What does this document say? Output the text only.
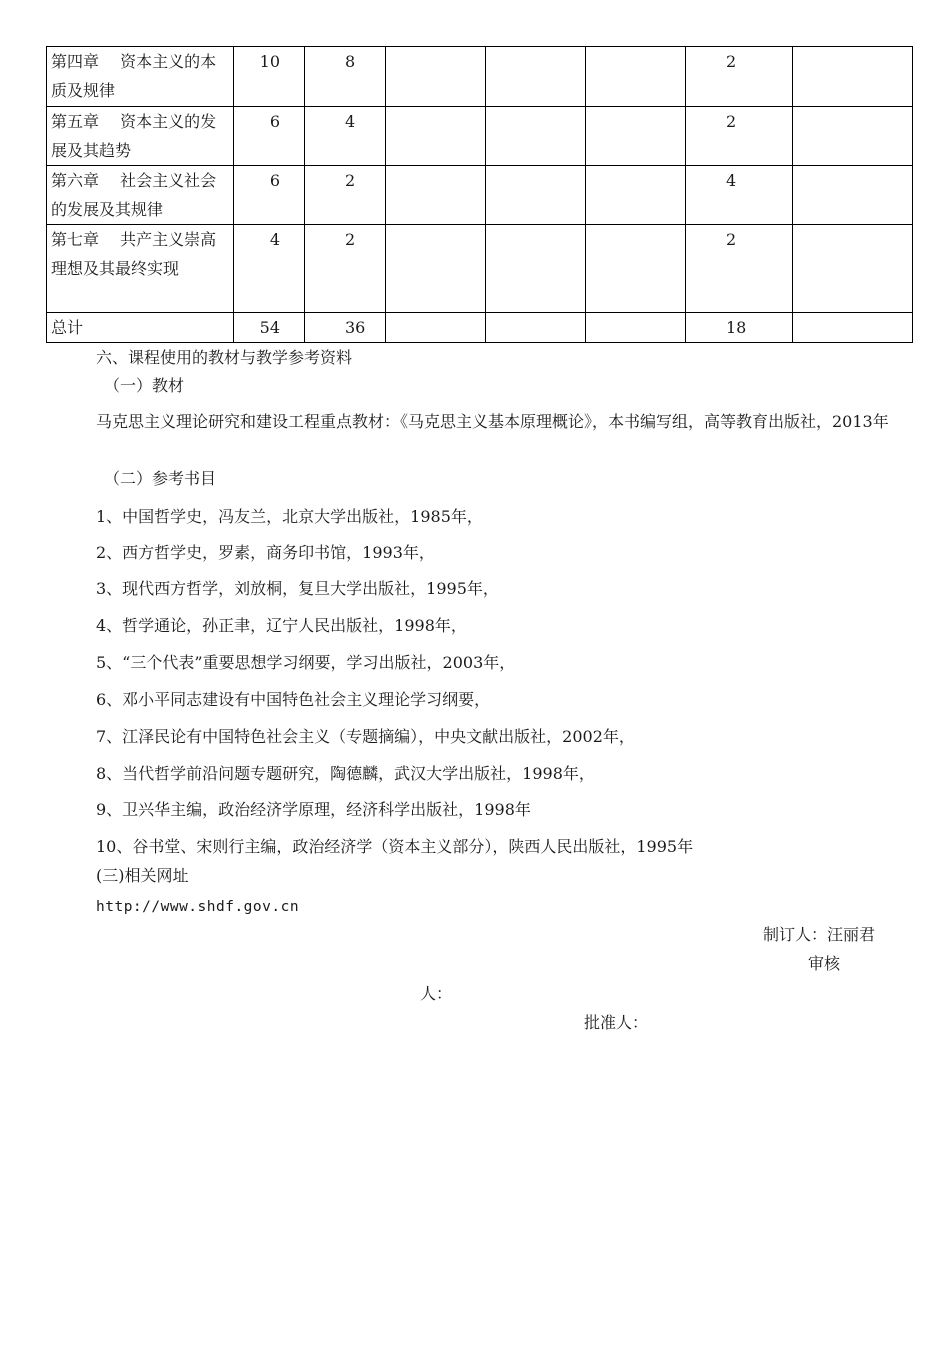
第四章　 资本主义的本质及规律	10	8				2	
第五章　 资本主义的发展及其趋势	6	4				2	
第六章　 社会主义社会的发展及其规律	6	2				4	
第七章　 共产主义崇高理想及其最终实现	4	2				2	
总计	54	36				18	
六、课程使用的教材与教学参考资料
（一）教材
马克思主义理论研究和建设工程重点教材：《马克思主义基本原理概论》，本书编写组，高等教育出版社，2013年
（二）参考书目
1、中国哲学史，冯友兰，北京大学出版社，1985年，
2、西方哲学史，罗素，商务印书馆，1993年，
3、现代西方哲学，刘放桐，复旦大学出版社，1995年，
4、哲学通论，孙正聿，辽宁人民出版社，1998年，
5、“三个代表”重要思想学习纲要，学习出版社，2003年，
6、邓小平同志建设有中国特色社会主义理论学习纲要，
7、江泽民论有中国特色社会主义（专题摘编），中央文献出版社，2002年，
8、当代哲学前沿问题专题研究，陶德麟，武汉大学出版社，1998年，
9、卫兴华主编，政治经济学原理，经济科学出版社，1998年
10、谷书堂、宋则行主编，政治经济学（资本主义部分），陕西人民出版社，1995年
(三)相关网址
http://www.shdf.gov.cn
制订人：汪丽君
审核
人：
批准人：
